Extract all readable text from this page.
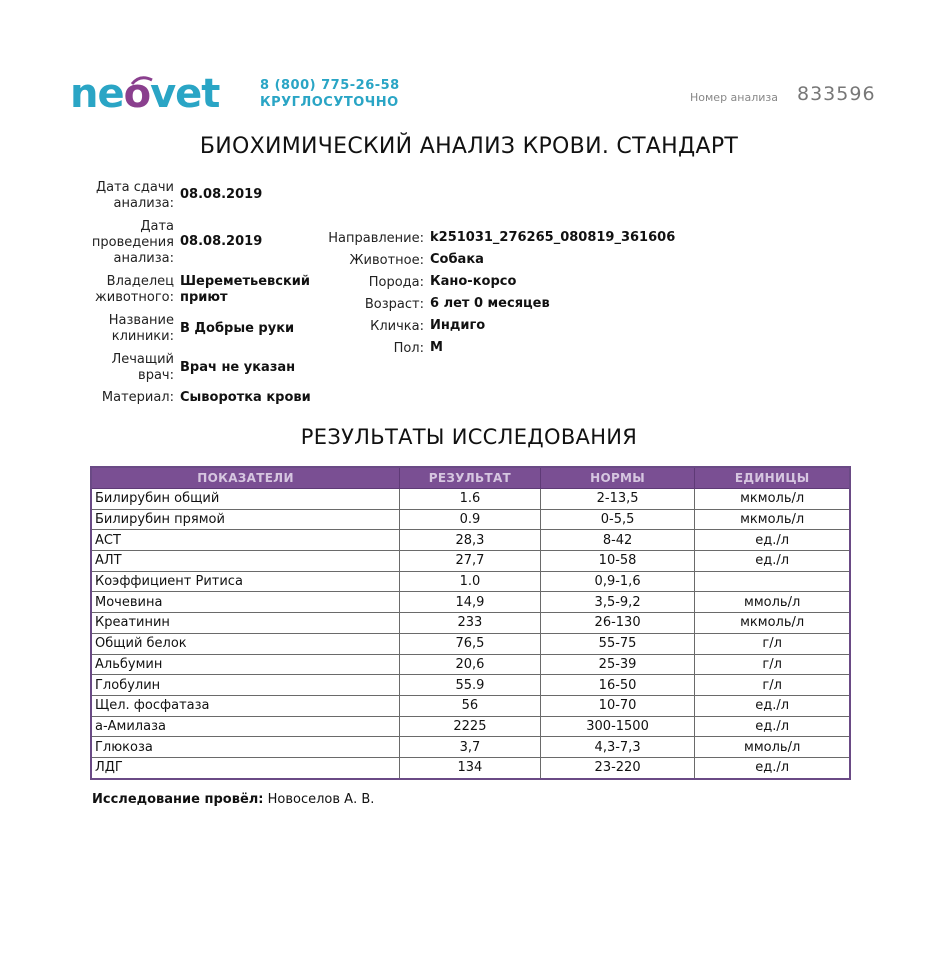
neovet	8 (800) 775-26-58
КРУГЛОСУТОЧНО	Номер анализа 833596
БИОХИМИЧЕСКИЙ АНАЛИЗ КРОВИ. СТАНДАРТ
Дата сдачи
анализа:
08.08.2019
Дата
проведения
анализа:
08.08.2019
Владелец
животного:
Шереметьевский
приют
Название
клиники:
В Добрые руки
Лечащий
врач:
Врач не указан
Материал: Сыворотка крови
Направление: k251031_276265_080819_361606
Животное: Собака
Порода: Кано-корсо
Возраст: 6 лет 0 месяцев
Кличка: Индиго
Пол: М
РЕЗУЛЬТАТЫ ИССЛЕДОВАНИЯ
ПОКАЗАТЕЛИ	РЕЗУЛЬТАТ	НОРМЫ	ЕДИНИЦЫ
Билирубин общий	1.6	2-13,5	мкмоль/л
Билирубин прямой	0.9	0-5,5	мкмоль/л
АСТ	28,3	8-42	ед./л
АЛТ	27,7	10-58	ед./л
Коэффициент Ритиса	1.0	0,9-1,6	
Мочевина	14,9	3,5-9,2	ммоль/л
Креатинин	233	26-130	мкмоль/л
Общий белок	76,5	55-75	г/л
Альбумин	20,6	25-39	г/л
Глобулин	55.9	16-50	г/л
Щел. фосфатаза	56	10-70	ед./л
а-Амилаза	2225	300-1500	ед./л
Глюкоза	3,7	4,3-7,3	ммоль/л
ЛДГ	134	23-220	ед./л
Исследование провёл: Новоселов А. В.
